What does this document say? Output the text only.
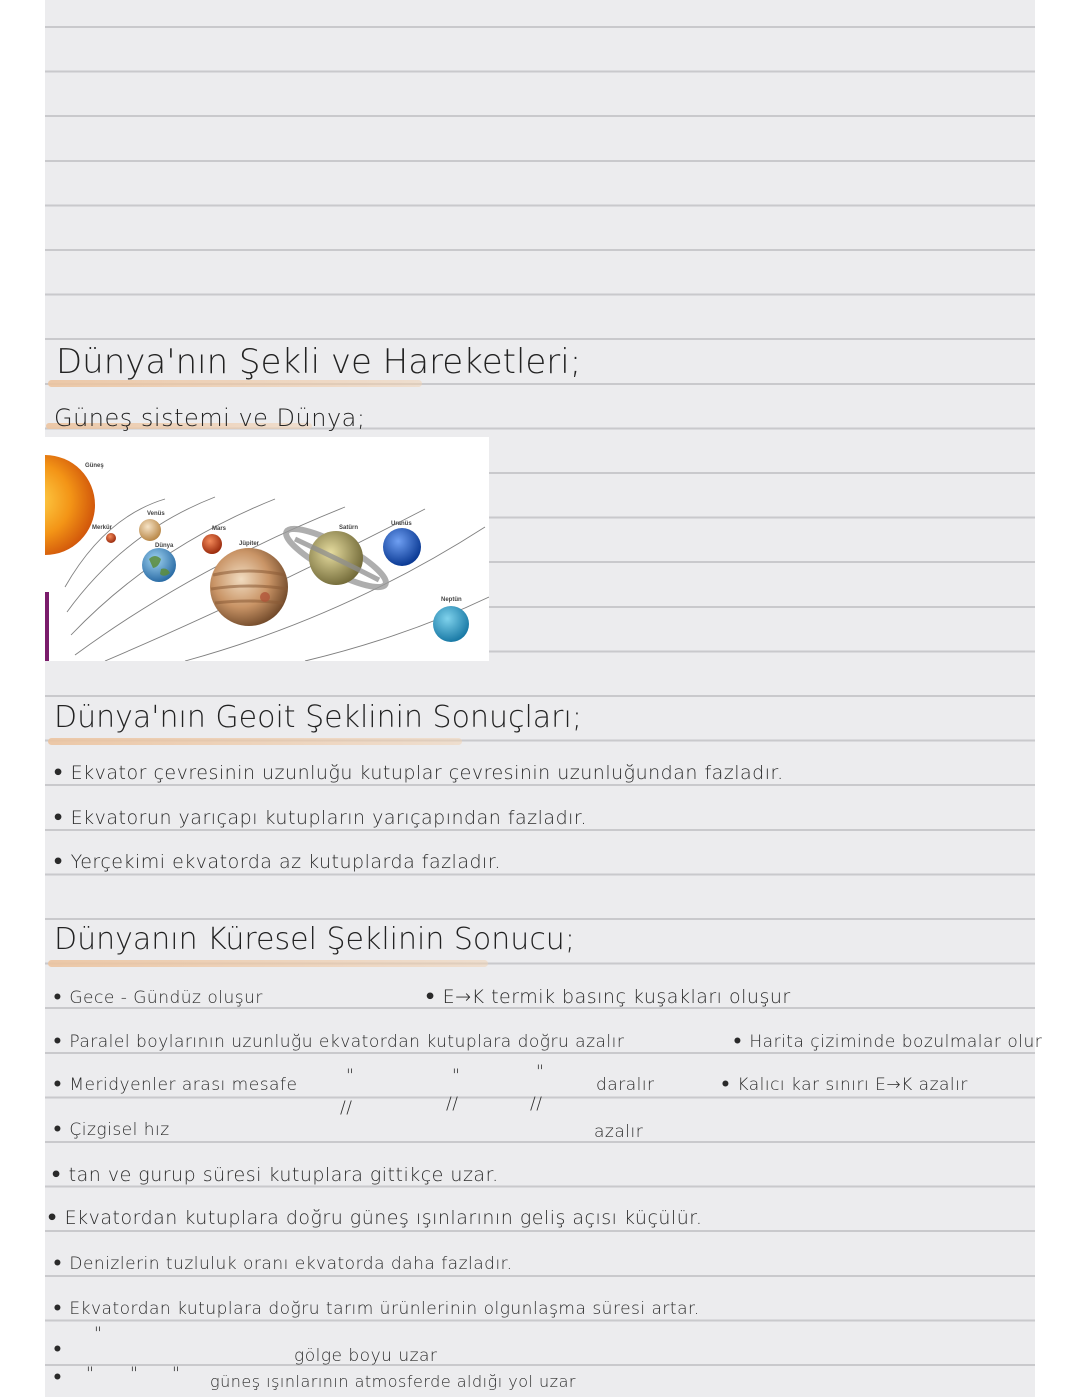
Dünya'nın Şekli ve Hareketleri;
Güneş sistemi ve Dünya;
Güneş
Merkür
Venüs
Dünya
Mars
Jüpiter
Satürn
Uranüs
Neptün
Dünya'nın Geoit Şeklinin Sonuçları;
• Ekvator çevresinin uzunluğu kutuplar çevresinin uzunluğundan fazladır.
• Ekvatorun yarıçapı kutupların yarıçapından fazladır.
• Yerçekimi ekvatorda az kutuplarda fazladır.
Dünyanın Küresel Şeklinin Sonucu;
• Gece - Gündüz oluşur	• E→K termik basınç kuşakları oluşur
• Paralel boylarının uzunluğu ekvatordan kutuplara doğru azalır	• Harita çiziminde bozulmalar olur
• Meridyenler arası mesafe	"	"	"
daralır	• Kalıcı kar sınırı E→K azalır
//	//	//
• Çizgisel hız	azalır
• tan ve gurup süresi kutuplara gittikçe uzar.
• Ekvatordan kutuplara doğru güneş ışınlarının geliş açısı küçülür.
• Denizlerin tuzluluk oranı ekvatorda daha fazladır.
• Ekvatordan kutuplara doğru tarım ürünlerinin olgunlaşma süresi artar.
"
•	gölge boyu uzar
•	" " " güneş ışınlarının atmosferde aldığı yol uzar
